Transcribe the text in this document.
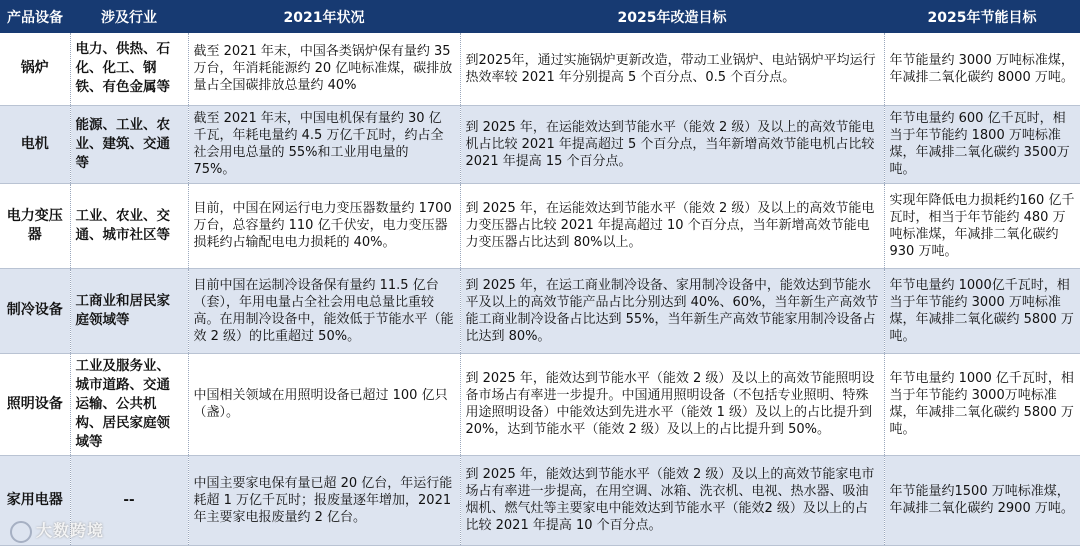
产品设备	涉及行业	2021年状况	2025年改造目标	2025年节能目标
锅炉	电力、供热、石化、化工、钢铁、有色金属等	截至 2021 年末，中国各类锅炉保有量约 35 万台，年消耗能源约 20 亿吨标准煤，碳排放量占全国碳排放总量约 40%	到2025年，通过实施锅炉更新改造，带动工业锅炉、电站锅炉平均运行热效率较 2021 年分别提高 5 个百分点、0.5 个百分点。	年节能量约 3000 万吨标准煤，年减排二氧化碳约 8000 万吨。
电机	能源、工业、农业、建筑、交通等	截至 2021 年末，中国电机保有量约 30 亿千瓦，年耗电量约 4.5 万亿千瓦时，约占全社会用电总量的 55%和工业用电量的 75%。	到 2025 年，在运能效达到节能水平（能效 2 级）及以上的高效节能电机占比较 2021 年提高超过 5 个百分点，当年新增高效节能电机占比较 2021 年提高 15 个百分点。	年节电量约 600 亿千瓦时，相当于年节能约 1800 万吨标准煤，年减排二氧化碳约 3500万吨。
电力变压器	工业、农业、交通、城市社区等	目前，中国在网运行电力变压器数量约 1700 万台，总容量约 110 亿千伏安，电力变压器损耗约占输配电电力损耗的 40%。	到 2025 年，在运能效达到节能水平（能效 2 级）及以上的高效节能电力变压器占比较 2021 年提高超过 10 个百分点，当年新增高效节能电力变压器占比达到 80%以上。	实现年降低电力损耗约160 亿千瓦时，相当于年节能约 480 万吨标准煤，年减排二氧化碳约 930 万吨。
制冷设备	工商业和居民家庭领域等	目前中国在运制冷设备保有量约 11.5 亿台（套），年用电量占全社会用电总量比重较高。在用制冷设备中，能效低于节能水平（能效 2 级）的比重超过 50%。	到 2025 年，在运工商业制冷设备、家用制冷设备中，能效达到节能水平及以上的高效节能产品占比分别达到 40%、60%，当年新生产高效节能工商业制冷设备占比达到 55%，当年新生产高效节能家用制冷设备占比达到 80%。	年节电量约 1000亿千瓦时，相当于年节能约 3000 万吨标准煤，年减排二氧化碳约 5800 万吨。
照明设备	工业及服务业、城市道路、交通运输、公共机构、居民家庭领域等	中国相关领域在用照明设备已超过 100 亿只（盏）。	到 2025 年，能效达到节能水平（能效 2 级）及以上的高效节能照明设备市场占有率进一步提升。中国通用照明设备（不包括专业照明、特殊用途照明设备）中能效达到先进水平（能效 1 级）及以上的占比提升到 20%，达到节能水平（能效 2 级）及以上的占比提升到 50%。	年节电量约 1000 亿千瓦时，相当于年节能约 3000万吨标准煤，年减排二氧化碳约 5800 万吨。
家用电器	--	中国主要家电保有量已超 20 亿台，年运行能耗超 1 万亿千瓦时；报废量逐年增加，2021 年主要家电报废量约 2 亿台。	到 2025 年，能效达到节能水平（能效 2 级）及以上的高效节能家电市场占有率进一步提高，在用空调、冰箱、洗衣机、电视、热水器、吸油烟机、燃气灶等主要家电中能效达到节能水平（能效2 级）及以上的占比较 2021 年提高 10 个百分点。	年节能量约1500 万吨标准煤，年减排二氧化碳约 2900 万吨。
大数跨境
